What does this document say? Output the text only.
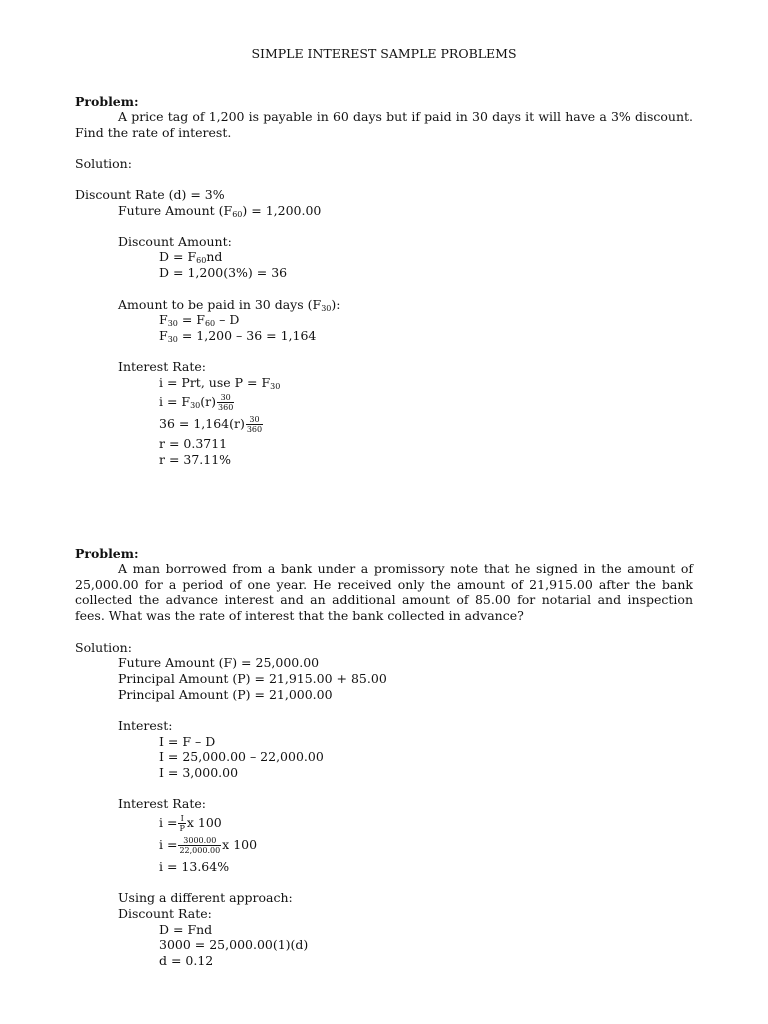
SIMPLE INTEREST SAMPLE PROBLEMS
Problem:
A price tag of 1,200 is payable in 60 days but if paid in 30 days it will have a 3% discount. Find the rate of interest.
Solution:
Discount Rate (d) = 3%
Future Amount $(F_{60}) = 1,200.00$
Discount Amount:
$D = F_{60}nd$
D = 1,200(3%) = 36
Amount to be paid in 30 days $(F_{30})$:
$F_{30} = F_{60} - D$
$F_{30} = 1,200 - 36 = 1,164$
Interest Rate:
i = Prt, use $P = F_{30}$
$i = F_{30}(r) \frac{30}{360}$
$36 = 1,164(r) \frac{30}{360}$
r = 0.3711
r = 37.11%
Problem:
A man borrowed from a bank under a promissory note that he signed in the amount of 25,000.00 for a period of one year. He received only the amount of 21,915.00 after the bank collected the advance interest and an additional amount of 85.00 for notarial and inspection fees. What was the rate of interest that the bank collected in advance?
Solution:
Future Amount (F) = 25,000.00
Principal Amount (P) = 21,915.00 + 85.00
Principal Amount (P) = 21,000.00
Interest:
I = F – D
I = 25,000.00 – 22,000.00
I = 3,000.00
Interest Rate:
$i = \frac{I}{P}$ x 100
$i = \frac{3000.00}{22,000.00}$ x 100
i = 13.64%
Using a different approach:
Discount Rate:
D = Fnd
3000 = 25,000.00(1)(d)
d = 0.12
